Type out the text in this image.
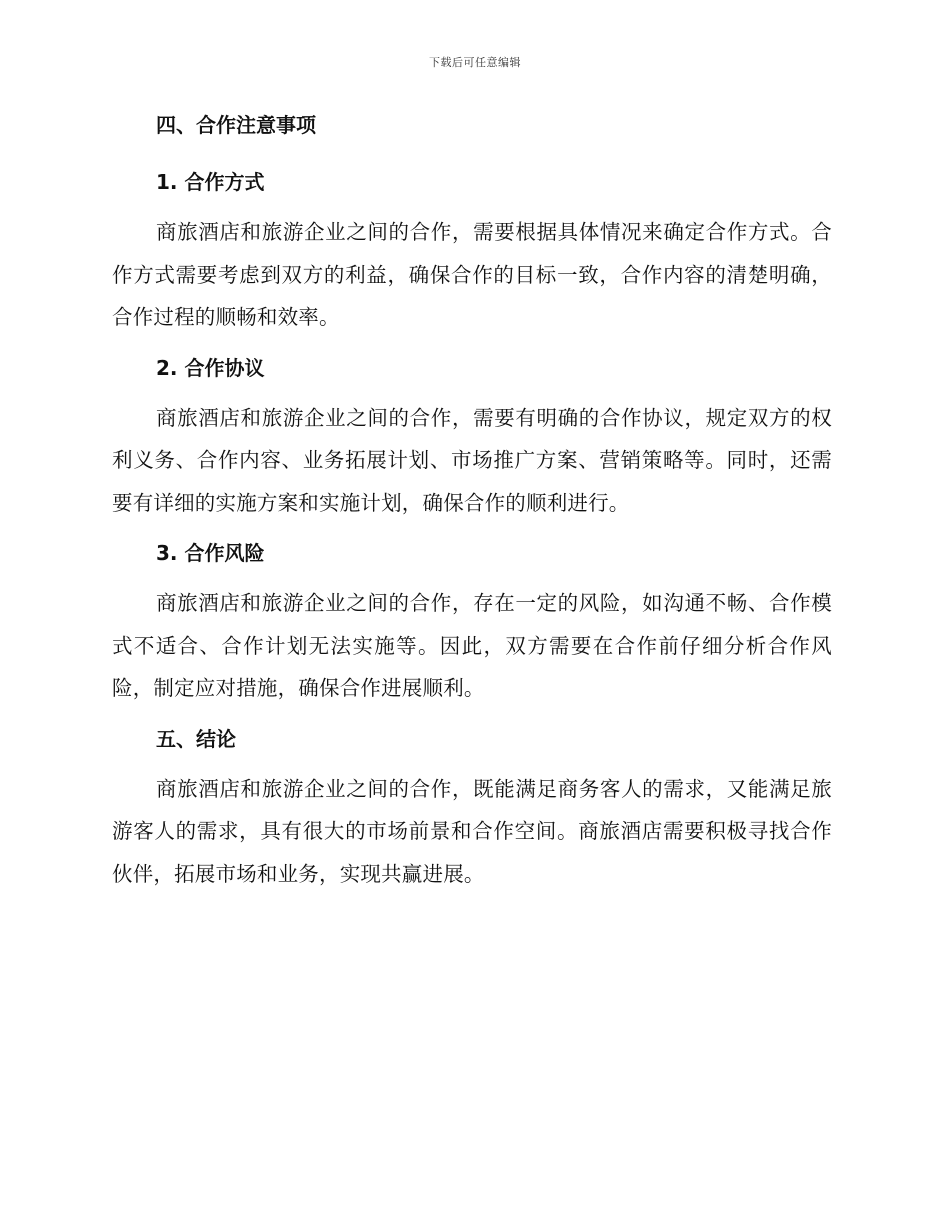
下载后可任意编辑
四、合作注意事项
1. 合作方式

商旅酒店和旅游企业之间的合作，需要根据具体情况来确定合作方式。合作方式需要考虑到双方的利益，确保合作的目标一致，合作内容的清楚明确，合作过程的顺畅和效率。

2. 合作协议

商旅酒店和旅游企业之间的合作，需要有明确的合作协议，规定双方的权利义务、合作内容、业务拓展计划、市场推广方案、营销策略等。同时，还需要有详细的实施方案和实施计划，确保合作的顺利进行。

3. 合作风险

商旅酒店和旅游企业之间的合作，存在一定的风险，如沟通不畅、合作模式不适合、合作计划无法实施等。因此，双方需要在合作前仔细分析合作风险，制定应对措施，确保合作进展顺利。

五、结论

商旅酒店和旅游企业之间的合作，既能满足商务客人的需求，又能满足旅游客人的需求，具有很大的市场前景和合作空间。商旅酒店需要积极寻找合作伙伴，拓展市场和业务，实现共赢进展。
